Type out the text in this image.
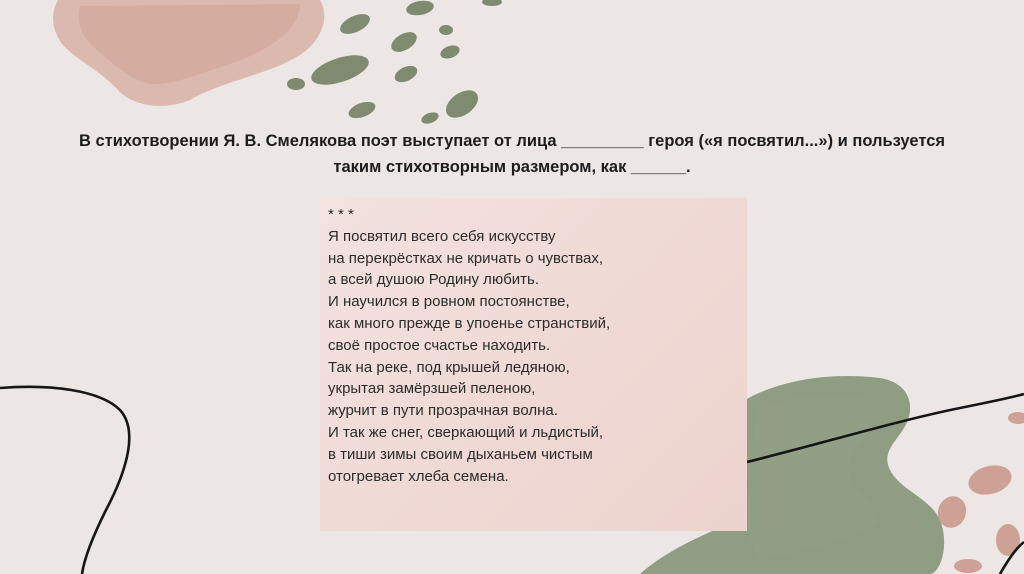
В стихотворении Я. В. Смелякова поэт выступает от лица _________ героя («я посвятил...») и пользуется таким стихотворным размером, как ______.

* * *
Я посвятил всего себя искусству
на перекрёстках не кричать о чувствах,
а всей душою Родину любить.
И научился в ровном постоянстве,
как много прежде в упоенье странствий,
своё простое счастье находить.
Так на реке, под крышей ледяною,
укрытая замёрзшей пеленою,
журчит в пути прозрачная волна.
И так же снег, сверкающий и льдистый,
в тиши зимы своим дыханьем чистым
отогревает хлеба семена.
